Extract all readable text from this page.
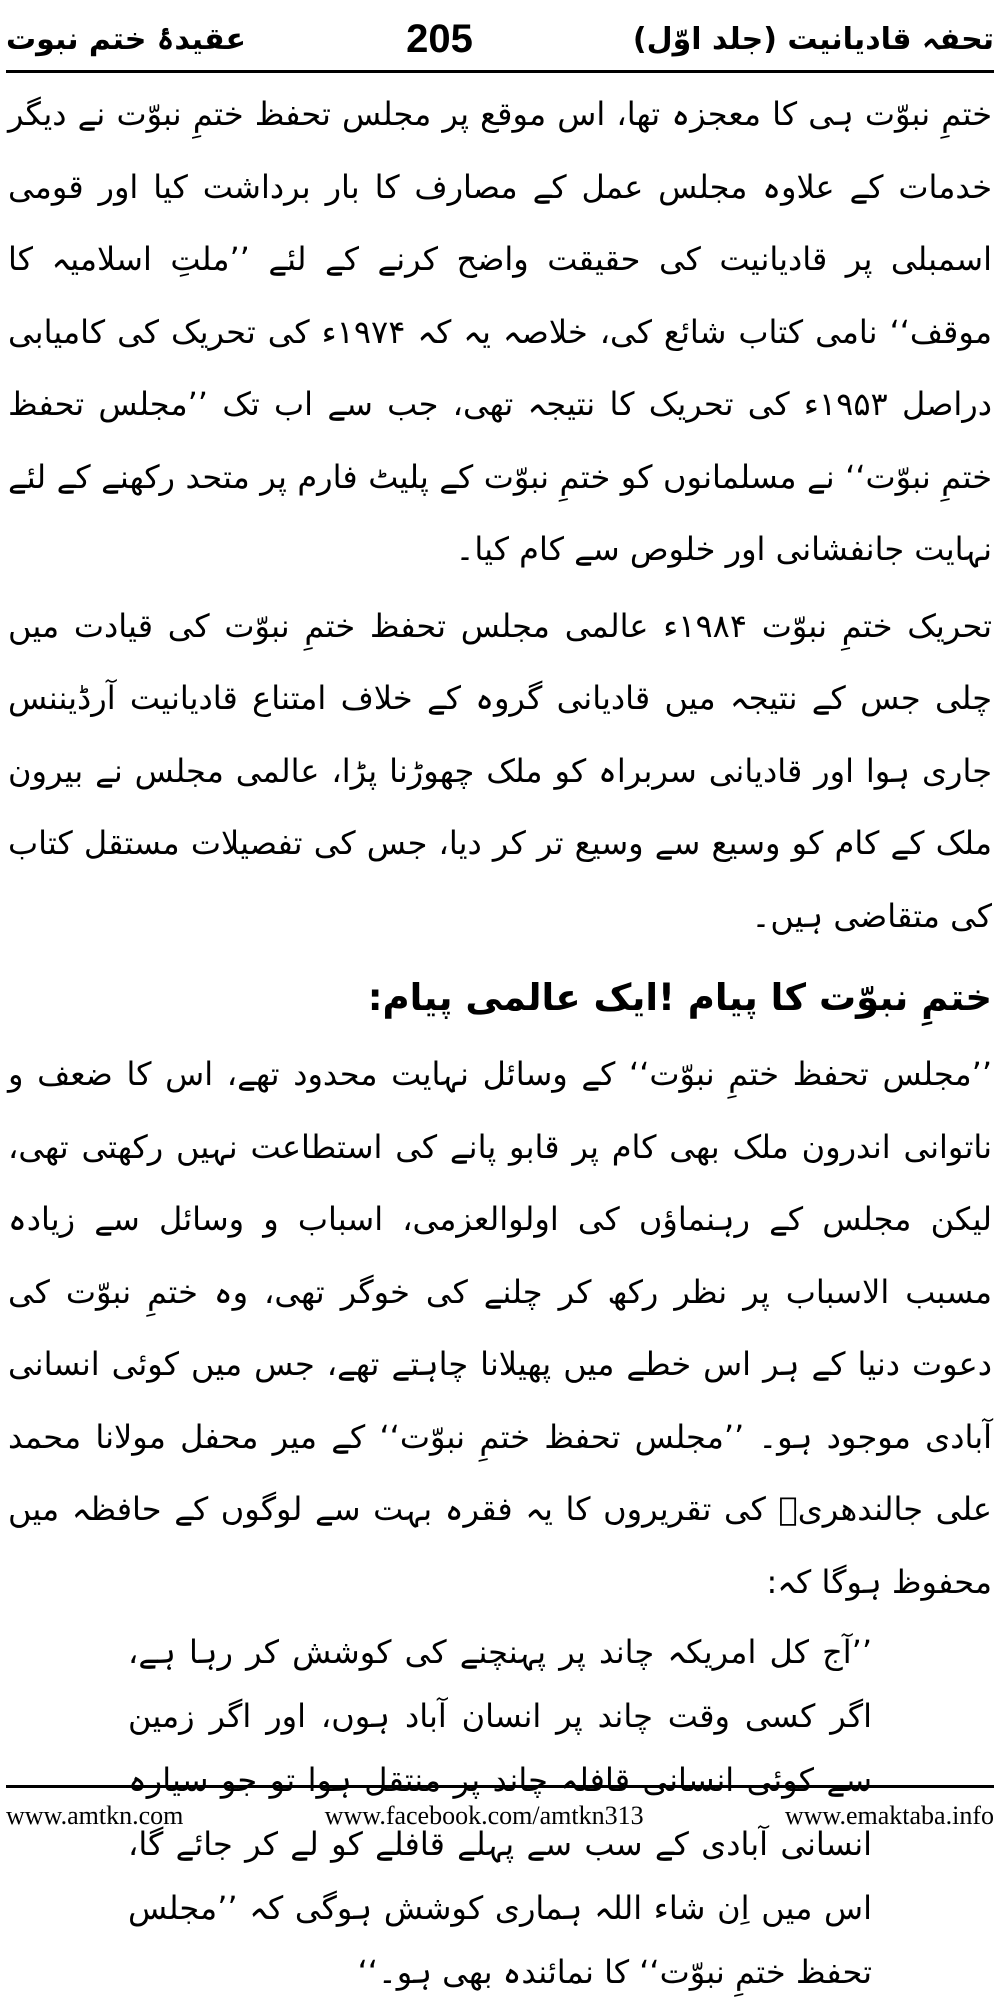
تحفہ قادیانیت (جلد اوّل)
205
عقیدۂ ختم نبوت

ختمِ نبوّت ہی کا معجزہ تھا، اس موقع پر مجلس تحفظ ختمِ نبوّت نے دیگر خدمات کے علاوہ مجلس عمل کے مصارف کا بار برداشت کیا اور قومی اسمبلی پر قادیانیت کی حقیقت واضح کرنے کے لئے ’’ملتِ اسلامیہ کا موقف‘‘ نامی کتاب شائع کی، خلاصہ یہ کہ ۱۹۷۴ء کی تحریک کی کامیابی دراصل ۱۹۵۳ء کی تحریک کا نتیجہ تھی، جب سے اب تک ’’مجلس تحفظ ختمِ نبوّت‘‘ نے مسلمانوں کو ختمِ نبوّت کے پلیٹ فارم پر متحد رکھنے کے لئے نہایت جانفشانی اور خلوص سے کام کیا۔

تحریک ختمِ نبوّت ۱۹۸۴ء عالمی مجلس تحفظ ختمِ نبوّت کی قیادت میں چلی جس کے نتیجہ میں قادیانی گروہ کے خلاف امتناع قادیانیت آرڈیننس جاری ہوا اور قادیانی سربراہ کو ملک چھوڑنا پڑا، عالمی مجلس نے بیرون ملک کے کام کو وسیع سے وسیع تر کر دیا، جس کی تفصیلات مستقل کتاب کی متقاضی ہیں۔

ختمِ نبوّت کا پیام !ایک عالمی پیام:

’’مجلس تحفظ ختمِ نبوّت‘‘ کے وسائل نہایت محدود تھے، اس کا ضعف و ناتوانی اندرون ملک بھی کام پر قابو پانے کی استطاعت نہیں رکھتی تھی، لیکن مجلس کے رہنماؤں کی اولوالعزمی، اسباب و وسائل سے زیادہ مسبب الاسباب پر نظر رکھ کر چلنے کی خوگر تھی، وہ ختمِ نبوّت کی دعوت دنیا کے ہر اس خطے میں پھیلانا چاہتے تھے، جس میں کوئی انسانی آبادی موجود ہو۔ ’’مجلس تحفظ ختمِ نبوّت‘‘ کے میر محفل مولانا محمد علی جالندھریؒ کی تقریروں کا یہ فقرہ بہت سے لوگوں کے حافظہ میں محفوظ ہوگا کہ:

’’آج کل امریکہ چاند پر پہنچنے کی کوشش کر رہا ہے، اگر کسی وقت چاند پر انسان آباد ہوں، اور اگر زمین سے کوئی انسانی قافلہ چاند پر منتقل ہوا تو جو سیارہ انسانی آبادی کے سب سے پہلے قافلے کو لے کر جائے گا، اس میں اِن شاء اللہ ہماری کوشش ہوگی کہ ’’مجلس تحفظ ختمِ نبوّت‘‘ کا نمائندہ بھی ہو۔‘‘

www.amtkn.com	www.facebook.com/amtkn313	www.emaktaba.info
